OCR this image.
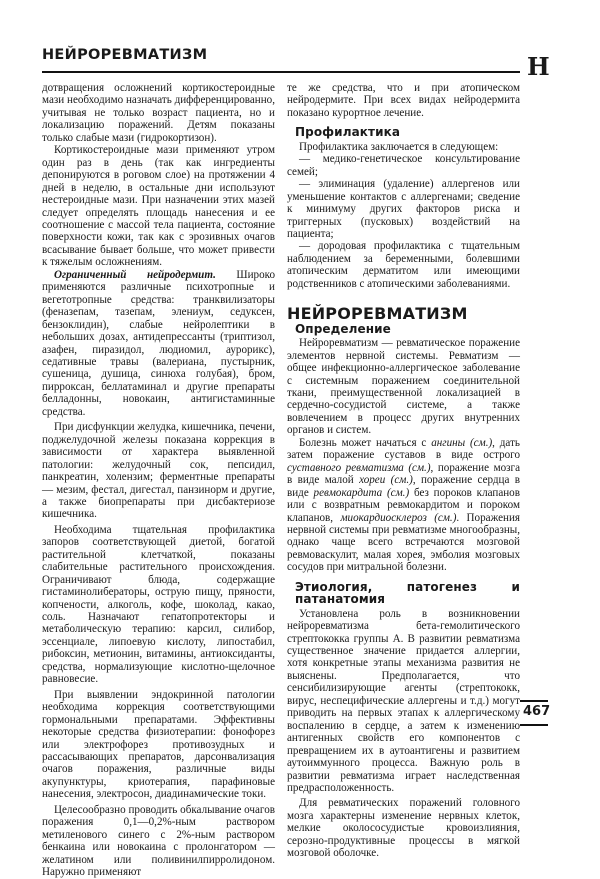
НЕЙРОРЕВМАТИЗМ	Н

дотвращения осложнений кортикостероидные мази необходимо назначать дифференцированно, учитывая не только возраст пациента, но и локализацию поражений. Детям показаны только слабые мази (гидрокортизон).

Кортикостероидные мази применяют утром один раз в день (так как ингредиенты депонируются в роговом слое) на протяжении 4 дней в неделю, в остальные дни используют нестероидные мази. При назначении этих мазей следует определять площадь нанесения и ее соотношение с массой тела пациента, состояние поверхности кожи, так как с эрозивных очагов всасывание бывает больше, что может привести к тяжелым осложнениям.

Ограниченный нейродермит. Широко применяются различные психотропные и вегетотропные средства: транквилизаторы (феназепам, тазепам, элениум, седуксен, бензоклидин), слабые нейролептики в небольших дозах, антидепрессанты (триптизол, азафен, пиразидол, людиомил, аурорикс), седативные травы (валериана, пустырник, сушеница, душица, синюха голубая), бром, пирроксан, беллатаминал и другие препараты белладонны, новокаин, антигистаминные средства.

При дисфункции желудка, кишечника, печени, поджелудочной железы показана коррекция в зависимости от характера выявленной патологии: желудочный сок, пепсидил, панкреатин, холензим; ферментные препараты — мезим, фестал, дигестал, панзинорм и другие, а также биопрепараты при дисбактериозе кишечника.

Необходима тщательная профилактика запоров соответствующей диетой, богатой растительной клетчаткой, показаны слабительные растительного происхождения. Ограничивают блюда, содержащие гистаминолибераторы, острую пищу, пряности, копчености, алкоголь, кофе, шоколад, какао, соль. Назначают гепатопротекторы и метаболическую терапию: карсил, силибор, эссенциале, липоевую кислоту, липостабил, рибоксин, метионин, витамины, антиоксиданты, средства, нормализующие кислотно-щелочное равновесие.

При выявлении эндокринной патологии необходима коррекция соответствующими гормональными препаратами. Эффективны некоторые средства физиотерапии: фонофорез или электрофорез противозудных и рассасывающих препаратов, дарсонвализация очагов поражения, различные виды акупунктуры, криотерапия, парафиновые нанесения, электросон, диадинамические токи.

Целесообразно проводить обкалывание очагов поражения 0,1—0,2%-ным раствором метиленового синего с 2%-ным раствором бенкаина или новокаина с пролонгатором — желатином или поливинилпирролидоном. Наружно применяют

те же средства, что и при атопическом нейродермите. При всех видах нейродермита показано курортное лечение.

Профилактика

Профилактика заключается в следующем:

— медико-генетическое консультирование семей;

— элиминация (удаление) аллергенов или уменьшение контактов с аллергенами; сведение к минимуму других факторов риска и триггерных (пусковых) воздействий на пациента;

— дородовая профилактика с тщательным наблюдением за беременными, болевшими атопическим дерматитом или имеющими родственников с атопическими заболеваниями.

НЕЙРОРЕВМАТИЗМ
Определение

Нейроревматизм — ревматическое поражение элементов нервной системы. Ревматизм — общее инфекционно-аллергическое заболевание с системным поражением соединительной ткани, преимущественной локализацией в сердечно-сосудистой системе, а также вовлечением в процесс других внутренних органов и систем.

Болезнь может начаться с ангины (см.), дать затем поражение суставов в виде острого суставного ревматизма (см.), поражение мозга в виде малой хореи (см.), поражение сердца в виде ревмокардита (см.) без пороков клапанов или с возвратным ревмокардитом и пороком клапанов, миокардиосклероз (см.). Поражения нервной системы при ревматизме многообразны, однако чаще всего встречаются мозговой ревмоваскулит, малая хорея, эмболия мозговых сосудов при митральной болезни.

Этиология, патогенез и патанатомия

Установлена роль в возникновении нейроревматизма бета-гемолитического стрептококка группы А. В развитии ревматизма существенное значение придается аллергии, хотя конкретные этапы механизма развития не выяснены. Предполагается, что сенсибилизирующие агенты (стрептококк, вирус, неспецифические аллергены и т.д.) могут приводить на первых этапах к аллергическому воспалению в сердце, а затем к изменению антигенных свойств его компонентов с превращением их в аутоантигены и развитием аутоиммунного процесса. Важную роль в развитии ревматизма играет наследственная предрасположенность.

Для ревматических поражений головного мозга характерны изменение нервных клеток, мелкие околососудистые кровоизлияния, серозно-продуктивные процессы в мягкой мозговой оболочке.

467
